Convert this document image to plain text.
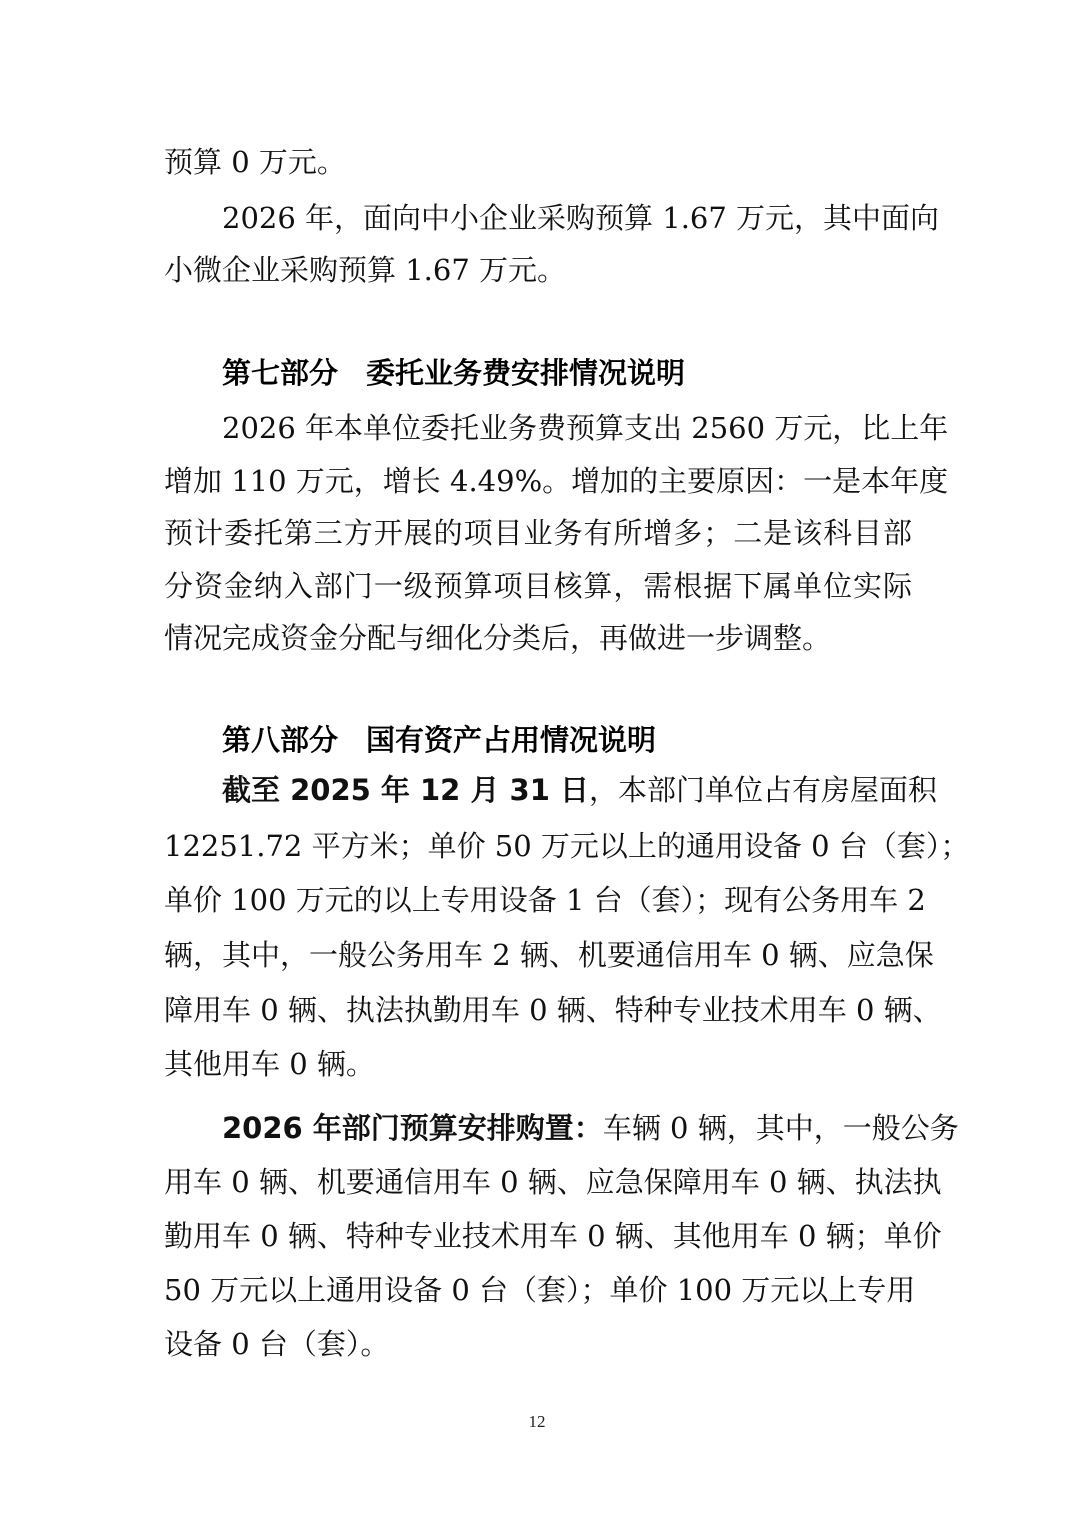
预算 0 万元。
2026 年，面向中小企业采购预算 1.67 万元，其中面向
小微企业采购预算 1.67 万元。
第七部分 委托业务费安排情况说明
2026 年本单位委托业务费预算支出 2560 万元，比上年
增加 110 万元，增长 4.49%。增加的主要原因：一是本年度
预计委托第三方开展的项目业务有所增多；二是该科目部
分资金纳入部门一级预算项目核算，需根据下属单位实际
情况完成资金分配与细化分类后，再做进一步调整。
第八部分 国有资产占用情况说明
截至 2025 年 12 月 31 日，本部门单位占有房屋面积
12251.72 平方米；单价 50 万元以上的通用设备 0 台（套）；
单价 100 万元的以上专用设备 1 台（套）；现有公务用车 2
辆，其中，一般公务用车 2 辆、机要通信用车 0 辆、应急保
障用车 0 辆、执法执勤用车 0 辆、特种专业技术用车 0 辆、
其他用车 0 辆。
2026 年部门预算安排购置：车辆 0 辆，其中，一般公务
用车 0 辆、机要通信用车 0 辆、应急保障用车 0 辆、执法执
勤用车 0 辆、特种专业技术用车 0 辆、其他用车 0 辆；单价
50 万元以上通用设备 0 台（套）；单价 100 万元以上专用
设备 0 台（套）。
12
